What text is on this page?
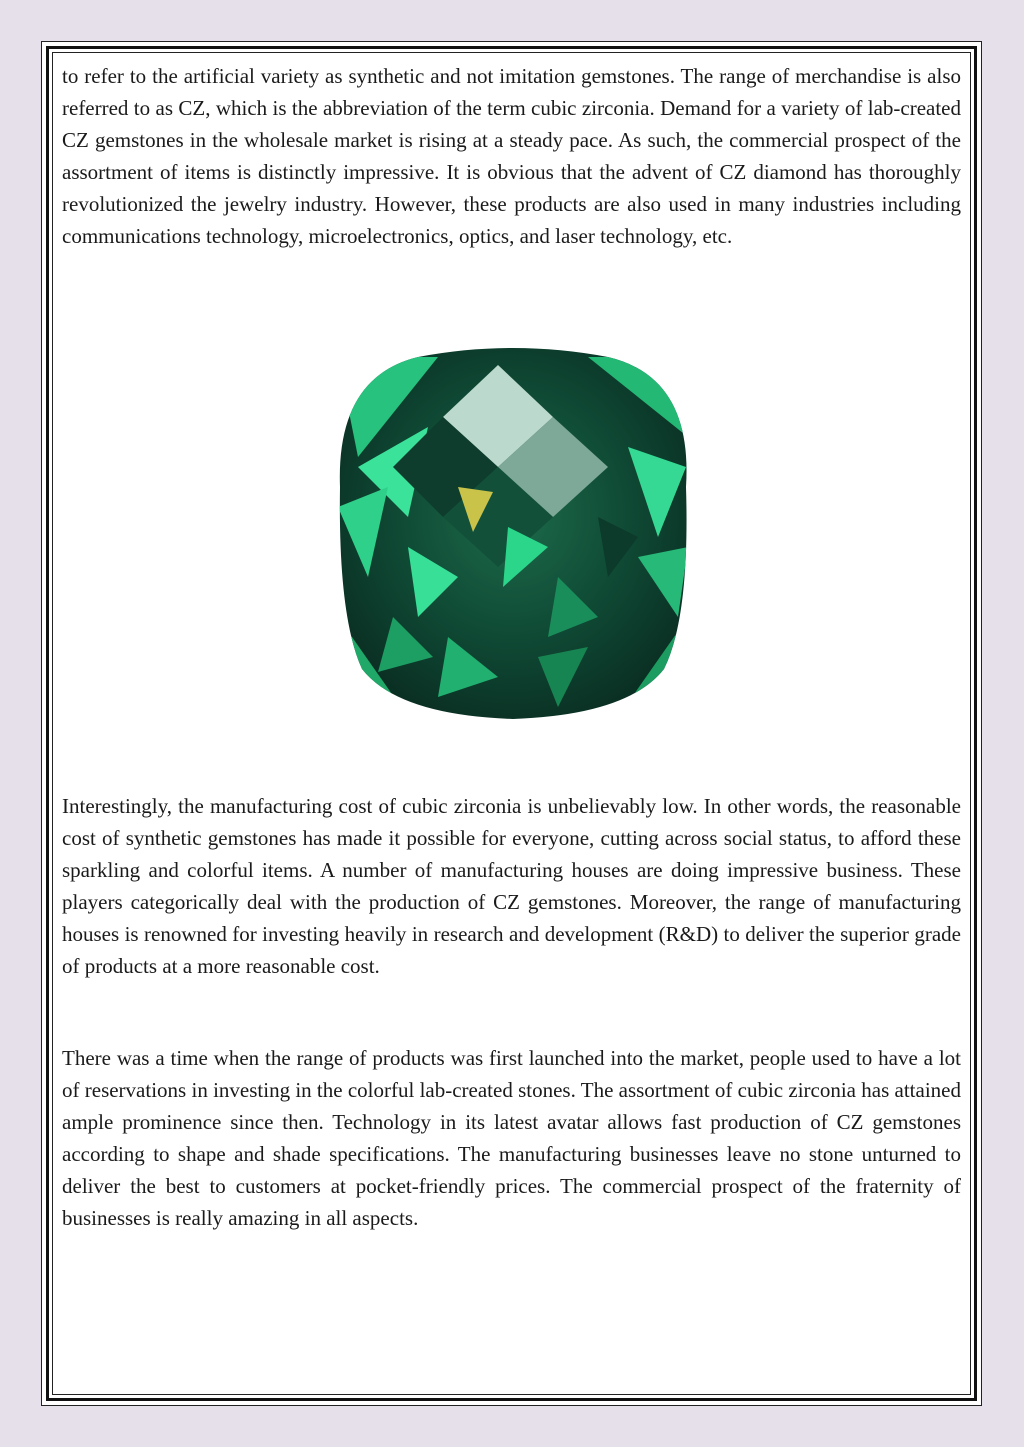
to refer to the artificial variety as synthetic and not imitation gemstones. The range of merchandise is also referred to as CZ, which is the abbreviation of the term cubic zirconia. Demand for a variety of lab-created CZ gemstones in the wholesale market is rising at a steady pace. As such, the commercial prospect of the assortment of items is distinctly impressive. It is obvious that the advent of CZ diamond has thoroughly revolutionized the jewelry industry. However, these products are also used in many industries including communications technology, microelectronics, optics, and laser technology, etc.

Interestingly, the manufacturing cost of cubic zirconia is unbelievably low. In other words, the reasonable cost of synthetic gemstones has made it possible for everyone, cutting across social status, to afford these sparkling and colorful items. A number of manufacturing houses are doing impressive business. These players categorically deal with the production of CZ gemstones. Moreover, the range of manufacturing houses is renowned for investing heavily in research and development (R&D) to deliver the superior grade of products at a more reasonable cost.

There was a time when the range of products was first launched into the market, people used to have a lot of reservations in investing in the colorful lab-created stones. The assortment of cubic zirconia has attained ample prominence since then. Technology in its latest avatar allows fast production of CZ gemstones according to shape and shade specifications. The manufacturing businesses leave no stone unturned to deliver the best to customers at pocket-friendly prices. The commercial prospect of the fraternity of businesses is really amazing in all aspects.
